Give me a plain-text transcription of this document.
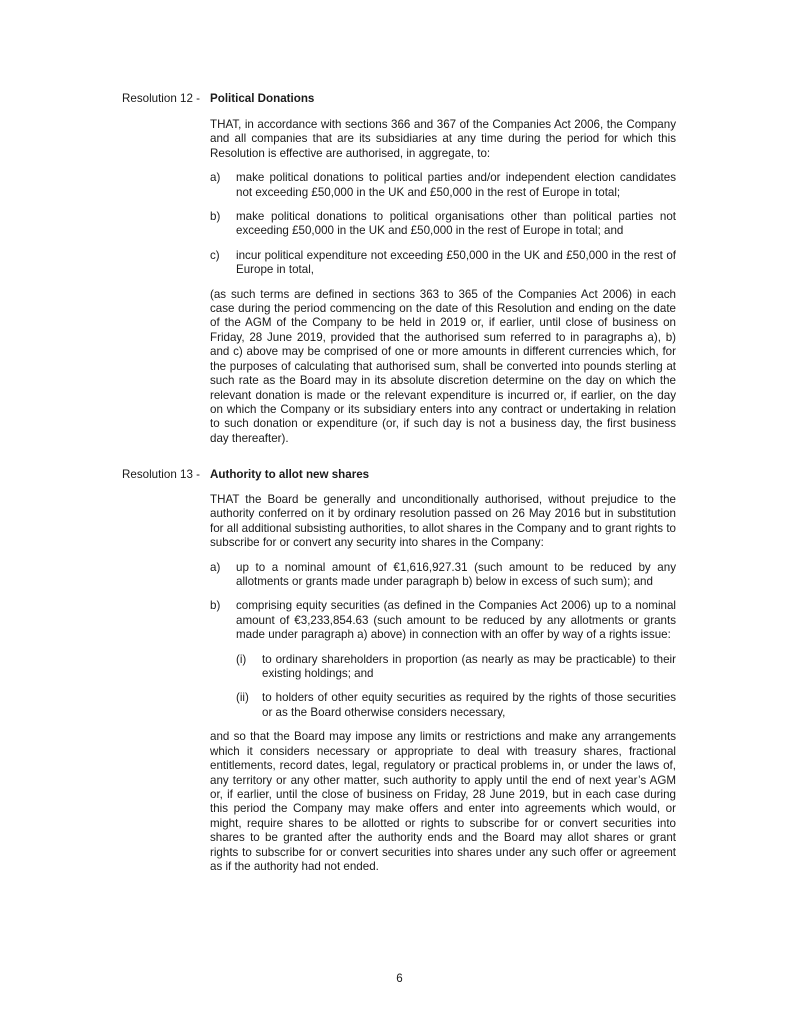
Resolution 12 - Political Donations

THAT, in accordance with sections 366 and 367 of the Companies Act 2006, the Company and all companies that are its subsidiaries at any time during the period for which this Resolution is effective are authorised, in aggregate, to:

a)	make political donations to political parties and/or independent election candidates not exceeding £50,000 in the UK and £50,000 in the rest of Europe in total;
b)	make political donations to political organisations other than political parties not exceeding £50,000 in the UK and £50,000 in the rest of Europe in total; and
c)	incur political expenditure not exceeding £50,000 in the UK and £50,000 in the rest of Europe in total,

(as such terms are defined in sections 363 to 365 of the Companies Act 2006) in each case during the period commencing on the date of this Resolution and ending on the date of the AGM of the Company to be held in 2019 or, if earlier, until close of business on Friday, 28 June 2019, provided that the authorised sum referred to in paragraphs a), b) and c) above may be comprised of one or more amounts in different currencies which, for the purposes of calculating that authorised sum, shall be converted into pounds sterling at such rate as the Board may in its absolute discretion determine on the day on which the relevant donation is made or the relevant expenditure is incurred or, if earlier, on the day on which the Company or its subsidiary enters into any contract or undertaking in relation to such donation or expenditure (or, if such day is not a business day, the first business day thereafter).

Resolution 13 - Authority to allot new shares

THAT the Board be generally and unconditionally authorised, without prejudice to the authority conferred on it by ordinary resolution passed on 26 May 2016 but in substitution for all additional subsisting authorities, to allot shares in the Company and to grant rights to subscribe for or convert any security into shares in the Company:

a)	up to a nominal amount of €1,616,927.31 (such amount to be reduced by any allotments or grants made under paragraph b) below in excess of such sum); and
b)	comprising equity securities (as defined in the Companies Act 2006) up to a nominal amount of €3,233,854.63 (such amount to be reduced by any allotments or grants made under paragraph a) above) in connection with an offer by way of a rights issue:
(i)	to ordinary shareholders in proportion (as nearly as may be practicable) to their existing holdings; and
(ii)	to holders of other equity securities as required by the rights of those securities or as the Board otherwise considers necessary,

and so that the Board may impose any limits or restrictions and make any arrangements which it considers necessary or appropriate to deal with treasury shares, fractional entitlements, record dates, legal, regulatory or practical problems in, or under the laws of, any territory or any other matter, such authority to apply until the end of next year’s AGM or, if earlier, until the close of business on Friday, 28 June 2019, but in each case during this period the Company may make offers and enter into agreements which would, or might, require shares to be allotted or rights to subscribe for or convert securities into shares to be granted after the authority ends and the Board may allot shares or grant rights to subscribe for or convert securities into shares under any such offer or agreement as if the authority had not ended.

6
